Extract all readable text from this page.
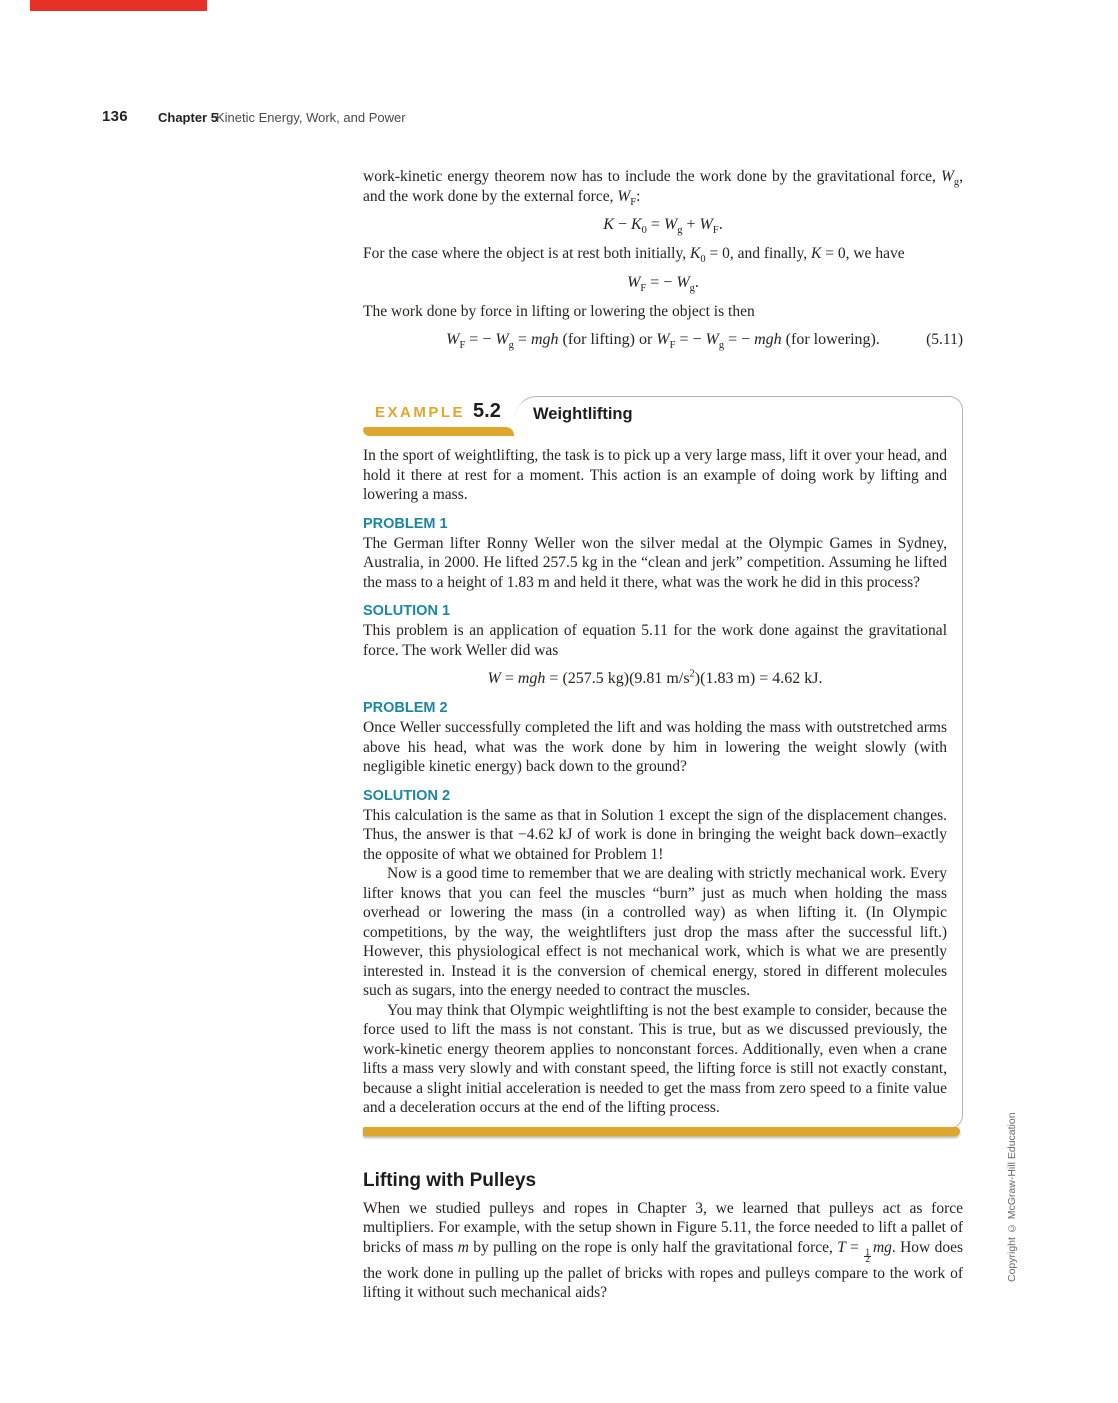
136 Chapter 5
Kinetic Energy, Work, and Power

work-kinetic energy theorem now has to include the work done by the gravitational force, $W_g$, and the work done by the external force, $W_F$:

$K - K_0 = W_g + W_F$.

For the case where the object is at rest both initially, $K_0 = 0$, and finally, K = 0, we have

$W_F$ = − $W_g$.

The work done by force in lifting or lowering the object is then

$W_F$ = − $W_g$ = mgh (for lifting) or $W_F$ = − $W_g$ = − mgh (for lowering).	(5.11)
EXAMPLE 5.2 Weightlifting

In the sport of weightlifting, the task is to pick up a very large mass, lift it over your head, and hold it there at rest for a moment. This action is an example of doing work by lifting and lowering a mass.

PROBLEM 1

The German lifter Ronny Weller won the silver medal at the Olympic Games in Sydney, Australia, in 2000. He lifted 257.5 kg in the “clean and jerk” competition. Assuming he lifted the mass to a height of 1.83 m and held it there, what was the work he did in this process?

SOLUTION 1

This problem is an application of equation 5.11 for the work done against the gravitational force. The work Weller did was

W = mgh = (257.5 kg)(9.81 $m/s^2)(1.83$ m) = 4.62 kJ.
PROBLEM 2

Once Weller successfully completed the lift and was holding the mass with outstretched arms above his head, what was the work done by him in lowering the weight slowly (with negligible kinetic energy) back down to the ground?

SOLUTION 2

This calculation is the same as that in Solution 1 except the sign of the displacement changes. Thus, the answer is that −4.62 kJ of work is done in bringing the weight back down–exactly the opposite of what we obtained for Problem 1!

Now is a good time to remember that we are dealing with strictly mechanical work. Every lifter knows that you can feel the muscles “burn” just as much when holding the mass overhead or lowering the mass (in a controlled way) as when lifting it. (In Olympic competitions, by the way, the weightlifters just drop the mass after the successful lift.) However, this physiological effect is not mechanical work, which is what we are presently interested in. Instead it is the conversion of chemical energy, stored in different molecules such as sugars, into the energy needed to contract the muscles.

You may think that Olympic weightlifting is not the best example to consider, because the force used to lift the mass is not constant. This is true, but as we discussed previously, the work-kinetic energy theorem applies to nonconstant forces. Additionally, even when a crane lifts a mass very slowly and with constant speed, the lifting force is still not exactly constant, because a slight initial acceleration is needed to get the mass from zero speed to a finite value and a deceleration occurs at the end of the lifting process.

Lifting with Pulleys

When we studied pulleys and ropes in Chapter 3, we learned that pulleys act as force multipliers. For example, with the setup shown in Figure 5.11, the force needed to lift a pallet of bricks of mass m by pulling on the rope is only half the gravitational force, T =
$\frac{1}{2}$
mg. How does the work done in pulling up the pallet of bricks with ropes and pulleys compare to the work of lifting it without such mechanical aids?

Copyright © McGraw-Hill Education
